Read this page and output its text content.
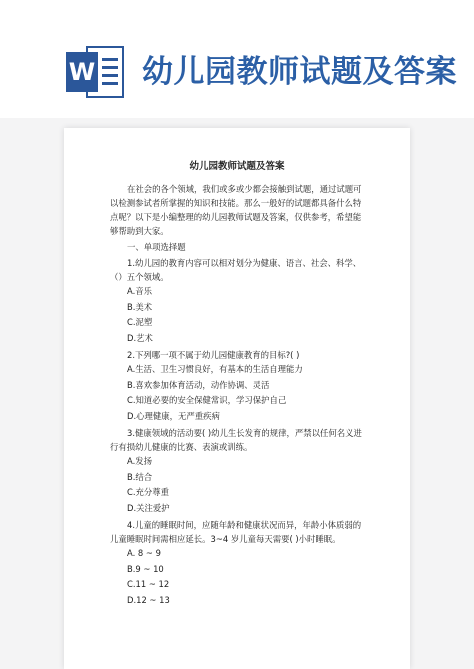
W 幼儿园教师试题及答案
幼儿园教师试题及答案

在社会的各个领域，我们或多或少都会接触到试题，通过试题可以检测参试者所掌握的知识和技能。那么一般好的试题都具备什么特点呢？以下是小编整理的幼儿园教师试题及答案，仅供参考，希望能够帮助到大家。

一、单项选择题

1.幼儿园的教育内容可以相对划分为健康、语言、社会、科学、（）五个领域。

A.音乐

B.美术

C.泥塑

D.艺术

2.下列哪一项不属于幼儿园健康教育的目标?( )

A.生活、卫生习惯良好，有基本的生活自理能力

B.喜欢参加体育活动，动作协调、灵活

C.知道必要的安全保健常识，学习保护自己

D.心理健康，无严重疾病

3.健康领域的活动要( )幼儿生长发育的规律，严禁以任何名义进行有损幼儿健康的比赛、表演或训练。

A.发扬

B.结合

C.充分尊重

D.关注爱护

4.儿童的睡眠时间，应随年龄和健康状况而异，年龄小体质弱的儿童睡眠时间需相应延长。3~4 岁儿童每天需要( )小时睡眠。

A. 8 ~ 9

B.9 ~ 10

C.11 ~ 12

D.12 ~ 13
